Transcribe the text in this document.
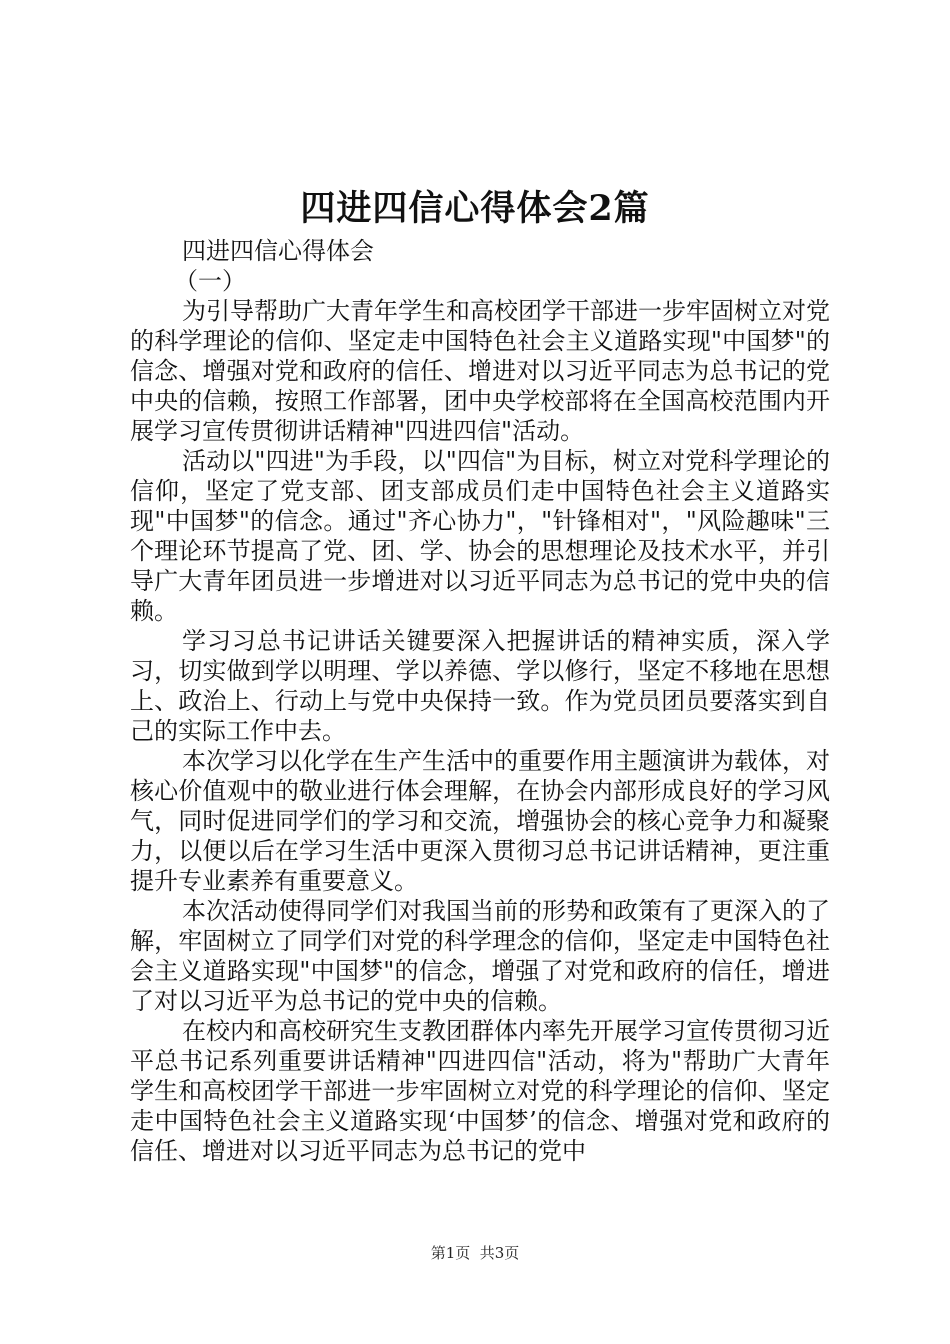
四进四信心得体会2篇

四进四信心得体会

（一）

为引导帮助广大青年学生和高校团学干部进一步牢固树立对党的科学理论的信仰、坚定走中国特色社会主义道路实现"中国梦"的信念、增强对党和政府的信任、增进对以习近平同志为总书记的党中央的信赖，按照工作部署，团中央学校部将在全国高校范围内开展学习宣传贯彻讲话精神"四进四信"活动。

活动以"四进"为手段，以"四信"为目标，树立对党科学理论的信仰，坚定了党支部、团支部成员们走中国特色社会主义道路实现"中国梦"的信念。通过"齐心协力"，"针锋相对"，"风险趣味"三个理论环节提高了党、团、学、协会的思想理论及技术水平，并引导广大青年团员进一步增进对以习近平同志为总书记的党中央的信赖。

学习习总书记讲话关键要深入把握讲话的精神实质，深入学习，切实做到学以明理、学以养德、学以修行，坚定不移地在思想上、政治上、行动上与党中央保持一致。作为党员团员要落实到自己的实际工作中去。

本次学习以化学在生产生活中的重要作用主题演讲为载体，对核心价值观中的敬业进行体会理解，在协会内部形成良好的学习风气，同时促进同学们的学习和交流，增强协会的核心竞争力和凝聚力，以便以后在学习生活中更深入贯彻习总书记讲话精神，更注重提升专业素养有重要意义。

本次活动使得同学们对我国当前的形势和政策有了更深入的了解，牢固树立了同学们对党的科学理念的信仰，坚定走中国特色社会主义道路实现"中国梦"的信念，增强了对党和政府的信任，增进了对以习近平为总书记的党中央的信赖。

在校内和高校研究生支教团群体内率先开展学习宣传贯彻习近平总书记系列重要讲话精神"四进四信"活动，将为"帮助广大青年学生和高校团学干部进一步牢固树立对党的科学理论的信仰、坚定走中国特色社会主义道路实现‘中国梦’的信念、增强对党和政府的信任、增进对以习近平同志为总书记的党中

第1页  共3页
